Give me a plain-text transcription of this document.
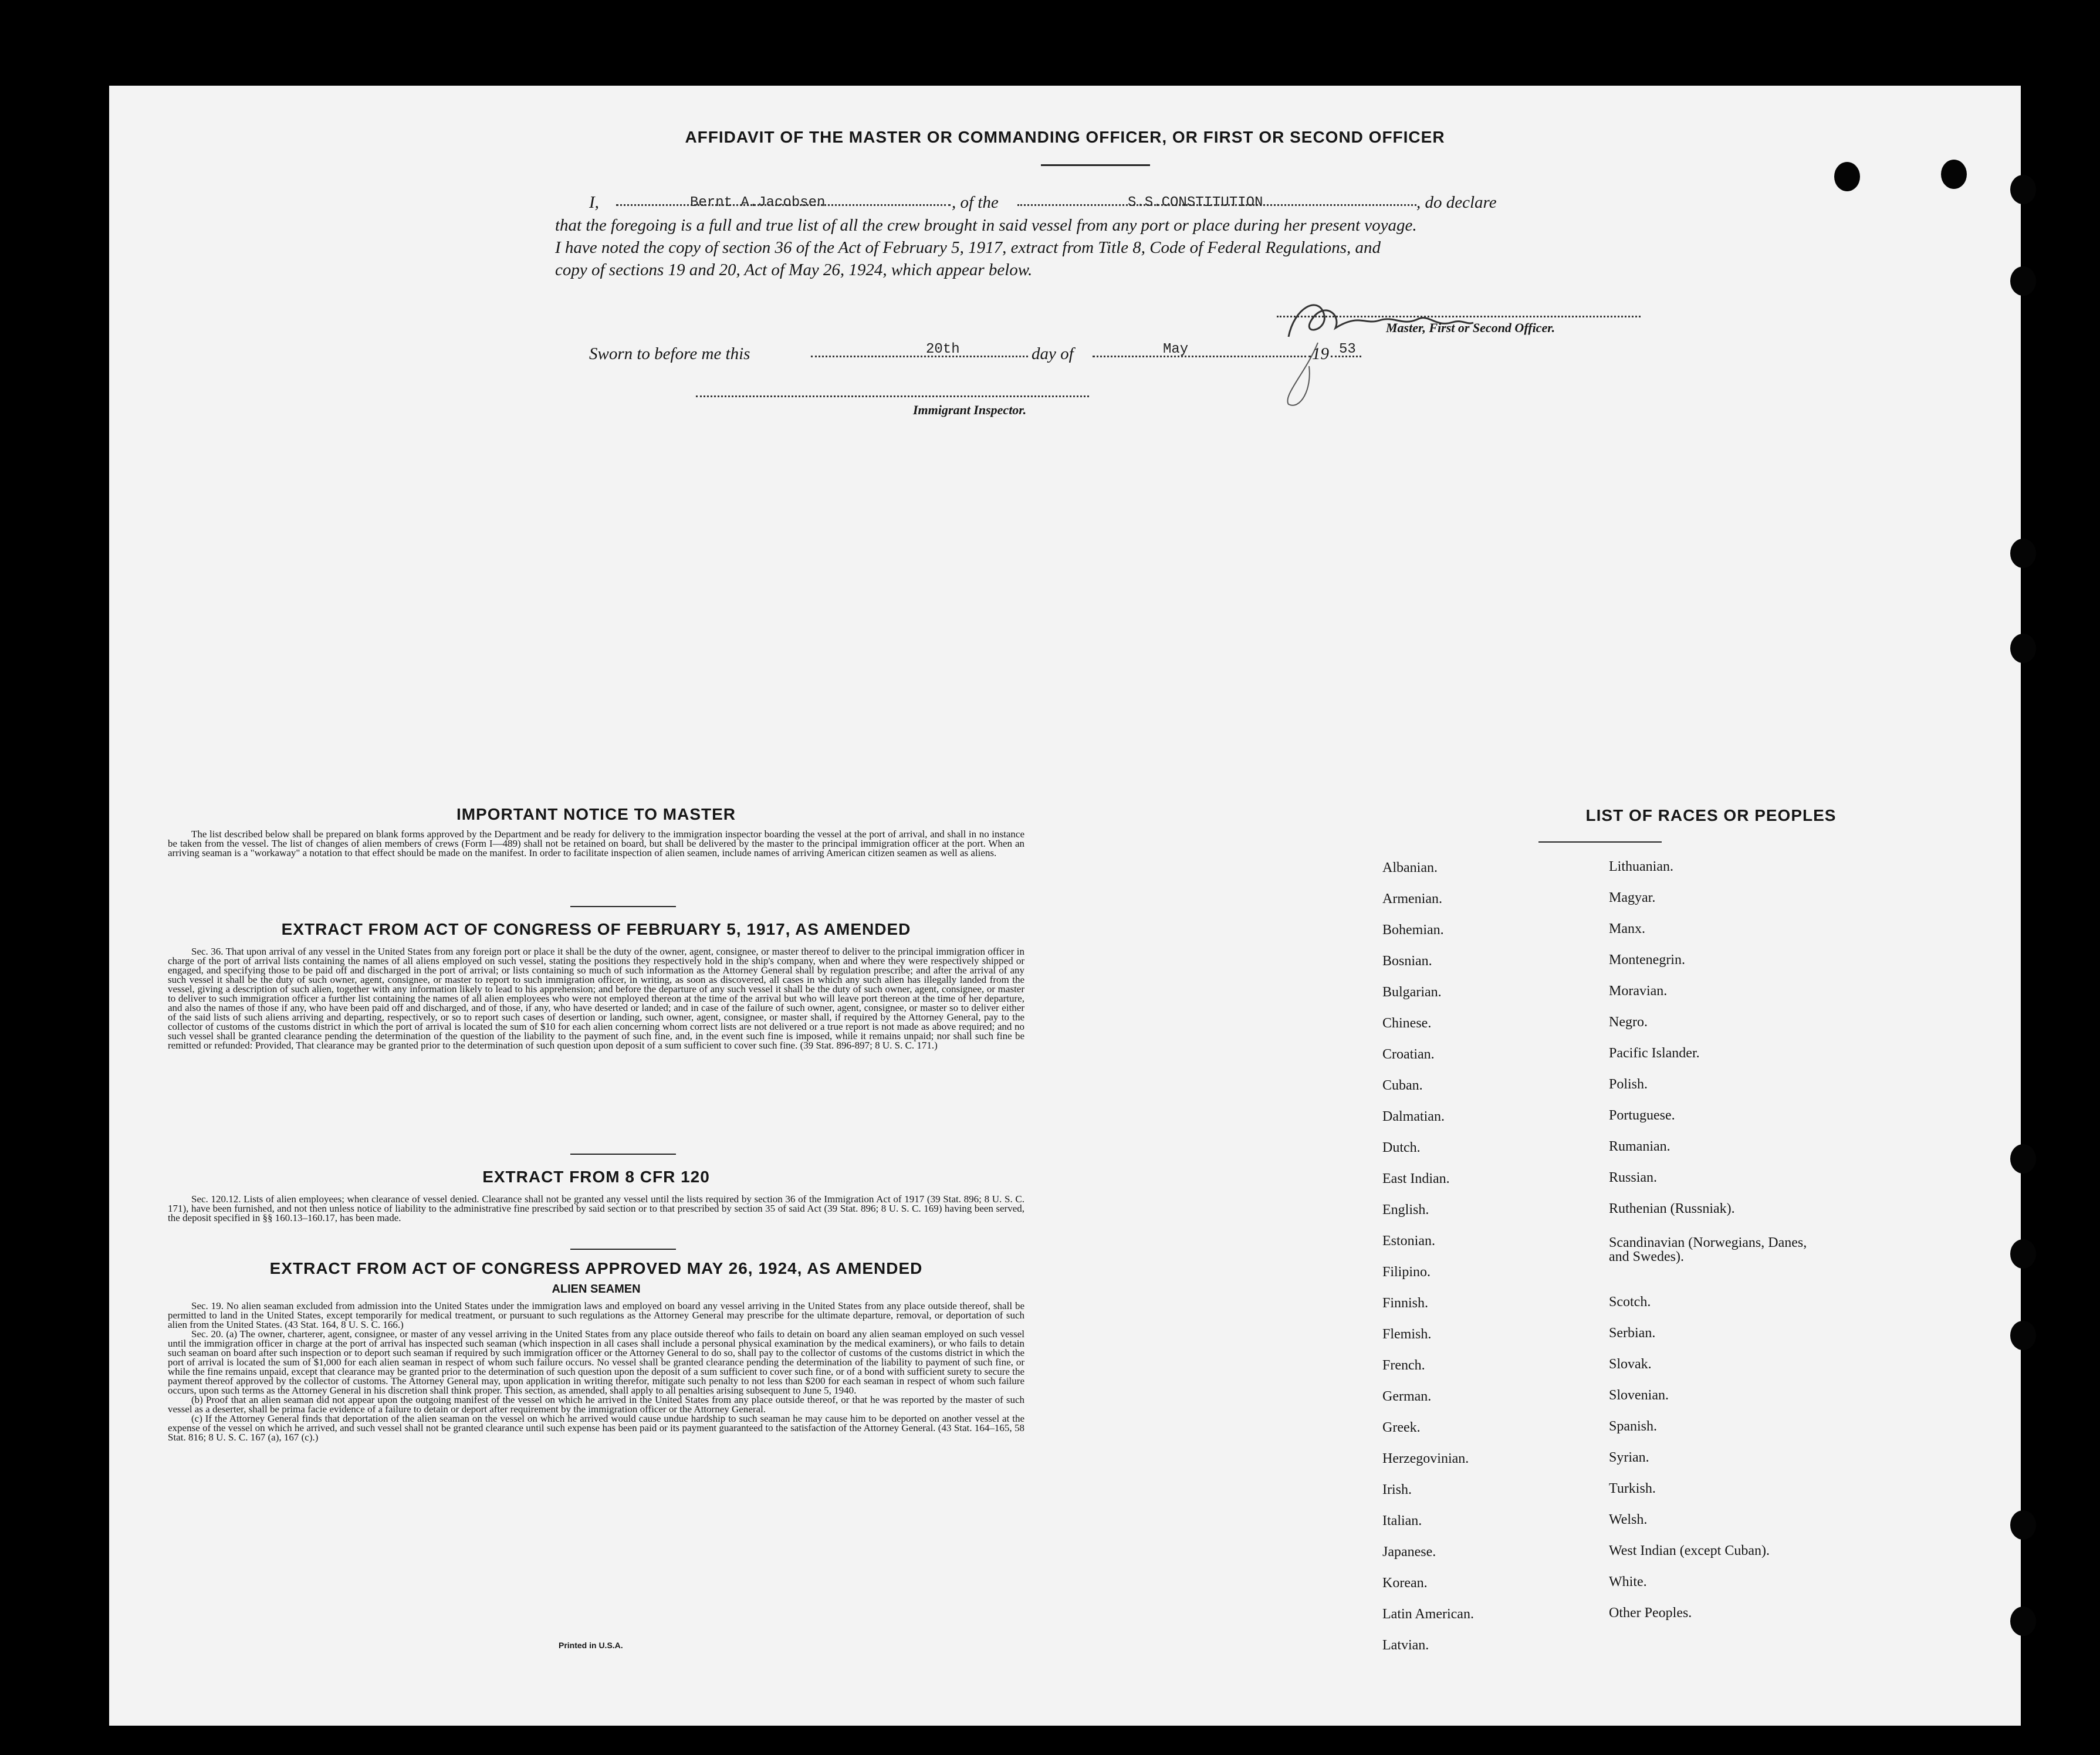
AFFIDAVIT OF THE MASTER OR COMMANDING OFFICER, OR FIRST OR SECOND OFFICER
I,	Bernt A.Jacobsen	, of the	S.S.CONSTITUTION	, do declare
that the foregoing is a full and true list of all the crew brought in said vessel from any port or place during her present voyage.
I have noted the copy of section 36 of the Act of February 5, 1917, extract from Title 8, Code of Federal Regulations, and
copy of sections 19 and 20, Act of May 26, 1924, which appear below.
Master, First or Second Officer.
Sworn to before me this	20th	day of	May	19 53
Immigrant Inspector.
IMPORTANT NOTICE TO MASTER

The list described below shall be prepared on blank forms approved by the Department and be ready for delivery to the immigration inspector boarding the vessel at the port of arrival, and shall in no instance be taken from the vessel. The list of changes of alien members of crews (Form I—489) shall not be retained on board, but shall be delivered by the master to the principal immigration officer at the port. When an arriving seaman is a "workaway" a notation to that effect should be made on the manifest. In order to facilitate inspection of alien seamen, include names of arriving American citizen seamen as well as aliens.

EXTRACT FROM ACT OF CONGRESS OF FEBRUARY 5, 1917, AS AMENDED

Sec. 36. That upon arrival of any vessel in the United States from any foreign port or place it shall be the duty of the owner, agent, consignee, or master thereof to deliver to the principal immigration officer in charge of the port of arrival lists containing the names of all aliens employed on such vessel, stating the positions they respectively hold in the ship's company, when and where they were respectively shipped or engaged, and specifying those to be paid off and discharged in the port of arrival; or lists containing so much of such information as the Attorney General shall by regulation prescribe; and after the arrival of any such vessel it shall be the duty of such owner, agent, consignee, or master to report to such immigration officer, in writing, as soon as discovered, all cases in which any such alien has illegally landed from the vessel, giving a description of such alien, together with any information likely to lead to his apprehension; and before the departure of any such vessel it shall be the duty of such owner, agent, consignee, or master to deliver to such immigration officer a further list containing the names of all alien employees who were not employed thereon at the time of the arrival but who will leave port thereon at the time of her departure, and also the names of those if any, who have been paid off and discharged, and of those, if any, who have deserted or landed; and in case of the failure of such owner, agent, consignee, or master so to deliver either of the said lists of such aliens arriving and departing, respectively, or so to report such cases of desertion or landing, such owner, agent, consignee, or master shall, if required by the Attorney General, pay to the collector of customs of the customs district in which the port of arrival is located the sum of $10 for each alien concerning whom correct lists are not delivered or a true report is not made as above required; and no such vessel shall be granted clearance pending the determination of the question of the liability to the payment of such fine, and, in the event such fine is imposed, while it remains unpaid; nor shall such fine be remitted or refunded: Provided, That clearance may be granted prior to the determination of such question upon deposit of a sum sufficient to cover such fine. (39 Stat. 896-897; 8 U. S. C. 171.)

EXTRACT FROM 8 CFR 120

Sec. 120.12. Lists of alien employees; when clearance of vessel denied. Clearance shall not be granted any vessel until the lists required by section 36 of the Immigration Act of 1917 (39 Stat. 896; 8 U. S. C. 171), have been furnished, and not then unless notice of liability to the administrative fine prescribed by said section or to that prescribed by section 35 of said Act (39 Stat. 896; 8 U. S. C. 169) having been served, the deposit specified in §§ 160.13–160.17, has been made.

EXTRACT FROM ACT OF CONGRESS APPROVED MAY 26, 1924, AS AMENDED
ALIEN SEAMEN

Sec. 19. No alien seaman excluded from admission into the United States under the immigration laws and employed on board any vessel arriving in the United States from any place outside thereof, shall be permitted to land in the United States, except temporarily for medical treatment, or pursuant to such regulations as the Attorney General may prescribe for the ultimate departure, removal, or deportation of such alien from the United States. (43 Stat. 164, 8 U. S. C. 166.)

Sec. 20. (a) The owner, charterer, agent, consignee, or master of any vessel arriving in the United States from any place outside thereof who fails to detain on board any alien seaman employed on such vessel until the immigration officer in charge at the port of arrival has inspected such seaman (which inspection in all cases shall include a personal physical examination by the medical examiners), or who fails to detain such seaman on board after such inspection or to deport such seaman if required by such immigration officer or the Attorney General to do so, shall pay to the collector of customs of the customs district in which the port of arrival is located the sum of $1,000 for each alien seaman in respect of whom such failure occurs. No vessel shall be granted clearance pending the determination of the liability to payment of such fine, or while the fine remains unpaid, except that clearance may be granted prior to the determination of such question upon the deposit of a sum sufficient to cover such fine, or of a bond with sufficient surety to secure the payment thereof approved by the collector of customs. The Attorney General may, upon application in writing therefor, mitigate such penalty to not less than $200 for each seaman in respect of whom such failure occurs, upon such terms as the Attorney General in his discretion shall think proper. This section, as amended, shall apply to all penalties arising subsequent to June 5, 1940.

(b) Proof that an alien seaman did not appear upon the outgoing manifest of the vessel on which he arrived in the United States from any place outside thereof, or that he was reported by the master of such vessel as a deserter, shall be prima facie evidence of a failure to detain or deport after requirement by the immigration officer or the Attorney General.

(c) If the Attorney General finds that deportation of the alien seaman on the vessel on which he arrived would cause undue hardship to such seaman he may cause him to be deported on another vessel at the expense of the vessel on which he arrived, and such vessel shall not be granted clearance until such expense has been paid or its payment guaranteed to the satisfaction of the Attorney General. (43 Stat. 164–165, 58 Stat. 816; 8 U. S. C. 167 (a), 167 (c).)

Printed in U.S.A.
LIST OF RACES OR PEOPLES
Albanian.
Armenian.
Bohemian.
Bosnian.
Bulgarian.
Chinese.
Croatian.
Cuban.
Dalmatian.
Dutch.
East Indian.
English.
Estonian.
Filipino.
Finnish.
Flemish.
French.
German.
Greek.
Herzegovinian.
Irish.
Italian.
Japanese.
Korean.
Latin American.
Latvian.
Lithuanian.
Magyar.
Manx.
Montenegrin.
Moravian.
Negro.
Pacific Islander.
Polish.
Portuguese.
Rumanian.
Russian.
Ruthenian (Russniak).
Scandinavian (Norwegians, Danes, and Swedes).
Scotch.
Serbian.
Slovak.
Slovenian.
Spanish.
Syrian.
Turkish.
Welsh.
West Indian (except Cuban).
White.
Other Peoples.
